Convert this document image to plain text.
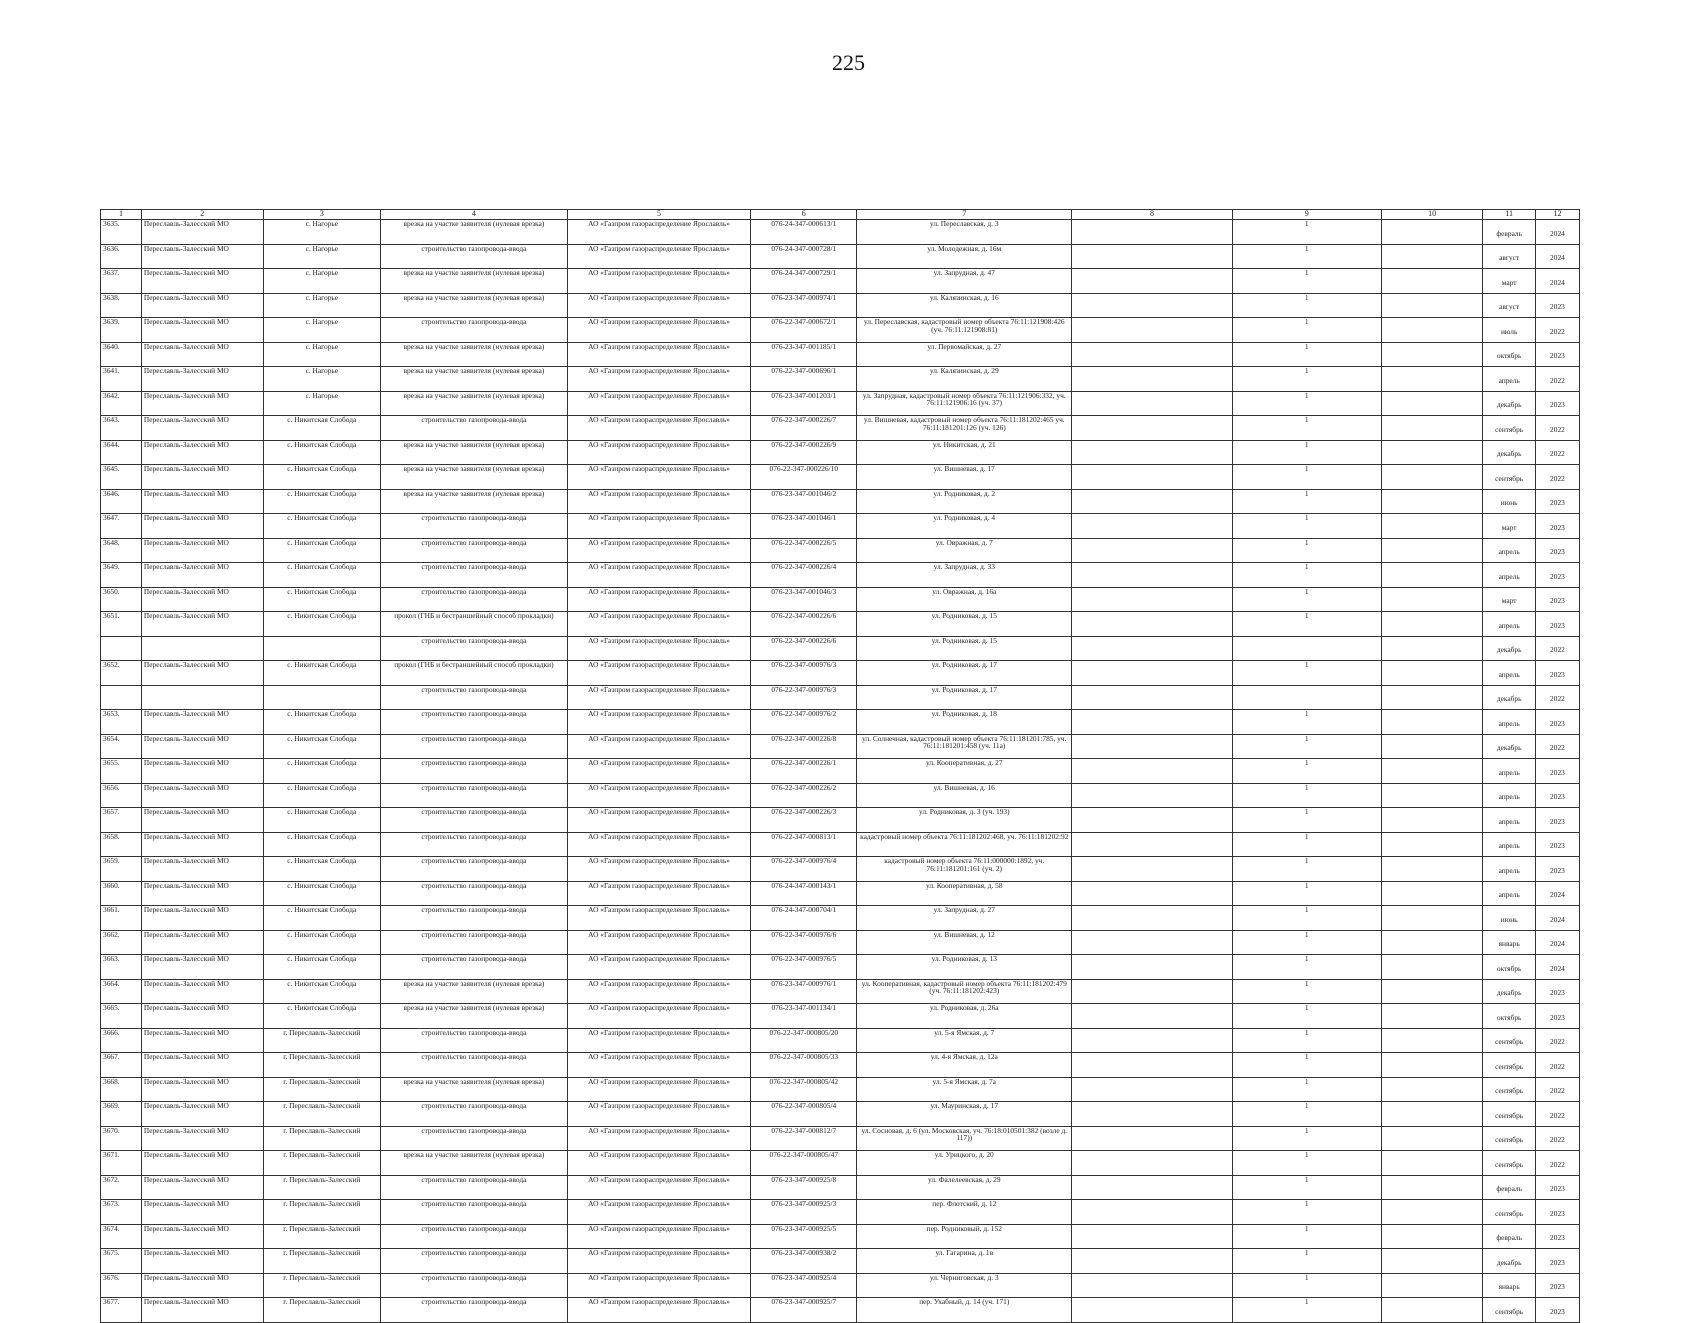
225
1	2	3	4	5	6	7	8	9	10	11	12
3635.	Переславль-Залесский МО	с. Нагорье	врезка на участке заявителя (нулевая врезка)	АО «Газпром газораспределение Ярославль»	076-24-347-000613/1	ул. Переславская, д. 3		1		февраль	2024
3636.	Переславль-Залесский МО	с. Нагорье	строительство газопровода-ввода	АО «Газпром газораспределение Ярославль»	076-24-347-000728/1	ул. Молодежная, д. 16м		1		август	2024
3637.	Переславль-Залесский МО	с. Нагорье	врезка на участке заявителя (нулевая врезка)	АО «Газпром газораспределение Ярославль»	076-24-347-000729/1	ул. Запрудная, д. 47		1		март	2024
3638.	Переславль-Залесский МО	с. Нагорье	врезка на участке заявителя (нулевая врезка)	АО «Газпром газораспределение Ярославль»	076-23-347-000974/1	ул. Калязинская, д. 16		1		август	2023
3639.	Переславль-Залесский МО	с. Нагорье	строительство газопровода-ввода	АО «Газпром газораспределение Ярославль»	076-22-347-000672/1	ул. Переславская, кадастровый номер объекта 76:11:121908:426 (уч. 76:11:121908:81)		1		июль	2022
3640.	Переславль-Залесский МО	с. Нагорье	врезка на участке заявителя (нулевая врезка)	АО «Газпром газораспределение Ярославль»	076-23-347-001185/1	ул. Первомайская, д. 27		1		октябрь	2023
3641.	Переславль-Залесский МО	с. Нагорье	врезка на участке заявителя (нулевая врезка)	АО «Газпром газораспределение Ярославль»	076-22-347-000696/1	ул. Калязинская, д. 29		1		апрель	2022
3642.	Переславль-Залесский МО	с. Нагорье	врезка на участке заявителя (нулевая врезка)	АО «Газпром газораспределение Ярославль»	076-23-347-001203/1	ул. Запрудная, кадастровый номер объекта 76:11:121906:332, уч. 76:11:121906:16 (уч. 37)		1		декабрь	2023
3643.	Переславль-Залесский МО	с. Никитская Слобода	строительство газопровода-ввода	АО «Газпром газораспределение Ярославль»	076-22-347-000226/7	ул. Вишневая, кадастровый номер объекта 76:11:181202:465 уч. 76:11:181201:126 (уч. 126)		1		сентябрь	2022
3644.	Переславль-Залесский МО	с. Никитская Слобода	врезка на участке заявителя (нулевая врезка)	АО «Газпром газораспределение Ярославль»	076-22-347-000226/9	ул. Никитская, д. 21		1		декабрь	2022
3645.	Переславль-Залесский МО	с. Никитская Слобода	врезка на участке заявителя (нулевая врезка)	АО «Газпром газораспределение Ярославль»	076-22-347-000226/10	ул. Вишневая, д. 17		1		сентябрь	2022
3646.	Переславль-Залесский МО	с. Никитская Слобода	врезка на участке заявителя (нулевая врезка)	АО «Газпром газораспределение Ярославль»	076-23-347-001046/2	ул. Родниковая, д. 2		1		июнь	2023
3647.	Переславль-Залесский МО	с. Никитская Слобода	строительство газопровода-ввода	АО «Газпром газораспределение Ярославль»	076-23-347-001046/1	ул. Родниковая, д. 4		1		март	2023
3648.	Переславль-Залесский МО	с. Никитская Слобода	строительство газопровода-ввода	АО «Газпром газораспределение Ярославль»	076-22-347-000226/5	ул. Овражная, д. 7		1		апрель	2023
3649.	Переславль-Залесский МО	с. Никитская Слобода	строительство газопровода-ввода	АО «Газпром газораспределение Ярославль»	076-22-347-000226/4	ул. Запрудная, д. 33		1		апрель	2023
3650.	Переславль-Залесский МО	с. Никитская Слобода	строительство газопровода-ввода	АО «Газпром газораспределение Ярославль»	076-23-347-001046/3	ул. Овражная, д. 16а		1		март	2023
3651.	Переславль-Залесский МО	с. Никитская Слобода	прокол (ГНБ и бестраншейный способ прокладки)	АО «Газпром газораспределение Ярославль»	076-22-347-000226/6	ул. Родниковая, д. 15		1		апрель	2023
			строительство газопровода-ввода	АО «Газпром газораспределение Ярославль»	076-22-347-000226/6	ул. Родниковая, д. 15				декабрь	2022
3652.	Переславль-Залесский МО	с. Никитская Слобода	прокол (ГНБ и бестраншейный способ прокладки)	АО «Газпром газораспределение Ярославль»	076-22-347-000976/3	ул. Родниковая, д. 17		1		апрель	2023
			строительство газопровода-ввода	АО «Газпром газораспределение Ярославль»	076-22-347-000976/3	ул. Родниковая, д. 17				декабрь	2022
3653.	Переславль-Залесский МО	с. Никитская Слобода	строительство газопровода-ввода	АО «Газпром газораспределение Ярославль»	076-22-347-000976/2	ул. Родниковая, д. 18		1		апрель	2023
3654.	Переславль-Залесский МО	с. Никитская Слобода	строительство газопровода-ввода	АО «Газпром газораспределение Ярославль»	076-22-347-000226/8	ул. Солнечная, кадастровый номер объекта 76:11:181201:785, уч. 76:11:181201:458 (уч. 11а)		1		декабрь	2022
3655.	Переславль-Залесский МО	с. Никитская Слобода	строительство газопровода-ввода	АО «Газпром газораспределение Ярославль»	076-22-347-000226/1	ул. Кооперативная, д. 27		1		апрель	2023
3656.	Переславль-Залесский МО	с. Никитская Слобода	строительство газопровода-ввода	АО «Газпром газораспределение Ярославль»	076-22-347-000226/2	ул. Вишневая, д. 16		1		апрель	2023
3657.	Переславль-Залесский МО	с. Никитская Слобода	строительство газопровода-ввода	АО «Газпром газораспределение Ярославль»	076-22-347-000226/3	ул. Родниковая, д. 3 (уч. 193)		1		апрель	2023
3658.	Переславль-Залесский МО	с. Никитская Слобода	строительство газопровода-ввода	АО «Газпром газораспределение Ярославль»	076-22-347-000813/1	кадастровый номер объекта 76:11:181202:468, уч. 76:11:181202:92		1		апрель	2023
3659.	Переславль-Залесский МО	с. Никитская Слобода	строительство газопровода-ввода	АО «Газпром газораспределение Ярославль»	076-22-347-000976/4	кадастровый номер объекта 76:11:000000:1892, уч. 76:11:181201:161 (уч. 2)		1		апрель	2023
3660.	Переславль-Залесский МО	с. Никитская Слобода	строительство газопровода-ввода	АО «Газпром газораспределение Ярославль»	076-24-347-000143/1	ул. Кооперативная, д. 58		1		апрель	2024
3661.	Переславль-Залесский МО	с. Никитская Слобода	строительство газопровода-ввода	АО «Газпром газораспределение Ярославль»	076-24-347-000704/1	ул. Запрудная, д. 27		1		июнь	2024
3662.	Переславль-Залесский МО	с. Никитская Слобода	строительство газопровода-ввода	АО «Газпром газораспределение Ярославль»	076-22-347-000976/6	ул. Вишневая, д. 12		1		январь	2024
3663.	Переславль-Залесский МО	с. Никитская Слобода	строительство газопровода-ввода	АО «Газпром газораспределение Ярославль»	076-22-347-000976/5	ул. Родниковая, д. 13		1		октябрь	2024
3664.	Переславль-Залесский МО	с. Никитская Слобода	врезка на участке заявителя (нулевая врезка)	АО «Газпром газораспределение Ярославль»	076-23-347-000976/1	ул. Кооперативная, кадастровый номер объекта 76:11:181202:479 (уч. 76:11:181202:423)		1		декабрь	2023
3665.	Переславль-Залесский МО	с. Никитская Слобода	врезка на участке заявителя (нулевая врезка)	АО «Газпром газораспределение Ярославль»	076-23-347-001134/1	ул. Родниковая, д. 26а		1		октябрь	2023
3666.	Переславль-Залесский МО	г. Переславль-Залесский	строительство газопровода-ввода	АО «Газпром газораспределение Ярославль»	076-22-347-000805/20	ул. 5-я Ямская, д. 7		1		сентябрь	2022
3667.	Переславль-Залесский МО	г. Переславль-Залесский	строительство газопровода-ввода	АО «Газпром газораспределение Ярославль»	076-22-347-000805/33	ул. 4-я Ямская, д. 12а		1		сентябрь	2022
3668.	Переславль-Залесский МО	г. Переславль-Залесский	врезка на участке заявителя (нулевая врезка)	АО «Газпром газораспределение Ярославль»	076-22-347-000805/42	ул. 5-я Ямская, д. 7а		1		сентябрь	2022
3669.	Переславль-Залесский МО	г. Переславль-Залесский	строительство газопровода-ввода	АО «Газпром газораспределение Ярославль»	076-22-347-000805/4	ул. Мауринская, д. 17		1		сентябрь	2022
3670.	Переславль-Залесский МО	г. Переславль-Залесский	строительство газопровода-ввода	АО «Газпром газораспределение Ярославль»	076-22-347-000812/7	ул. Сосновая, д. 6 (ул. Московская, уч. 76:18:010501:382 (возле д. 117))		1		сентябрь	2022
3671.	Переславль-Залесский МО	г. Переславль-Залесский	врезка на участке заявителя (нулевая врезка)	АО «Газпром газораспределение Ярославль»	076-22-347-000805/47	ул. Урицкого, д. 20		1		сентябрь	2022
3672.	Переславль-Залесский МО	г. Переславль-Залесский	строительство газопровода-ввода	АО «Газпром газораспределение Ярославль»	076-23-347-000925/8	ул. Фалелеевская, д. 29		1		февраль	2023
3673.	Переславль-Залесский МО	г. Переславль-Залесский	строительство газопровода-ввода	АО «Газпром газораспределение Ярославль»	076-23-347-000925/3	пер. Флотский, д. 12		1		сентябрь	2023
3674.	Переславль-Залесский МО	г. Переславль-Залесский	строительство газопровода-ввода	АО «Газпром газораспределение Ярославль»	076-23-347-000925/5	пер. Родниковый, д. 152		1		февраль	2023
3675.	Переславль-Залесский МО	г. Переславль-Залесский	строительство газопровода-ввода	АО «Газпром газораспределение Ярославль»	076-23-347-000938/2	ул. Гагарина, д. 1в		1		декабрь	2023
3676.	Переславль-Залесский МО	г. Переславль-Залесский	строительство газопровода-ввода	АО «Газпром газораспределение Ярославль»	076-23-347-000925/4	ул. Черниговская, д. 3		1		январь	2023
3677.	Переславль-Залесский МО	г. Переславль-Залесский	строительство газопровода-ввода	АО «Газпром газораспределение Ярославль»	076-23-347-000925/7	пер. Ухабный, д. 14 (уч. 171)		1		сентябрь	2023
